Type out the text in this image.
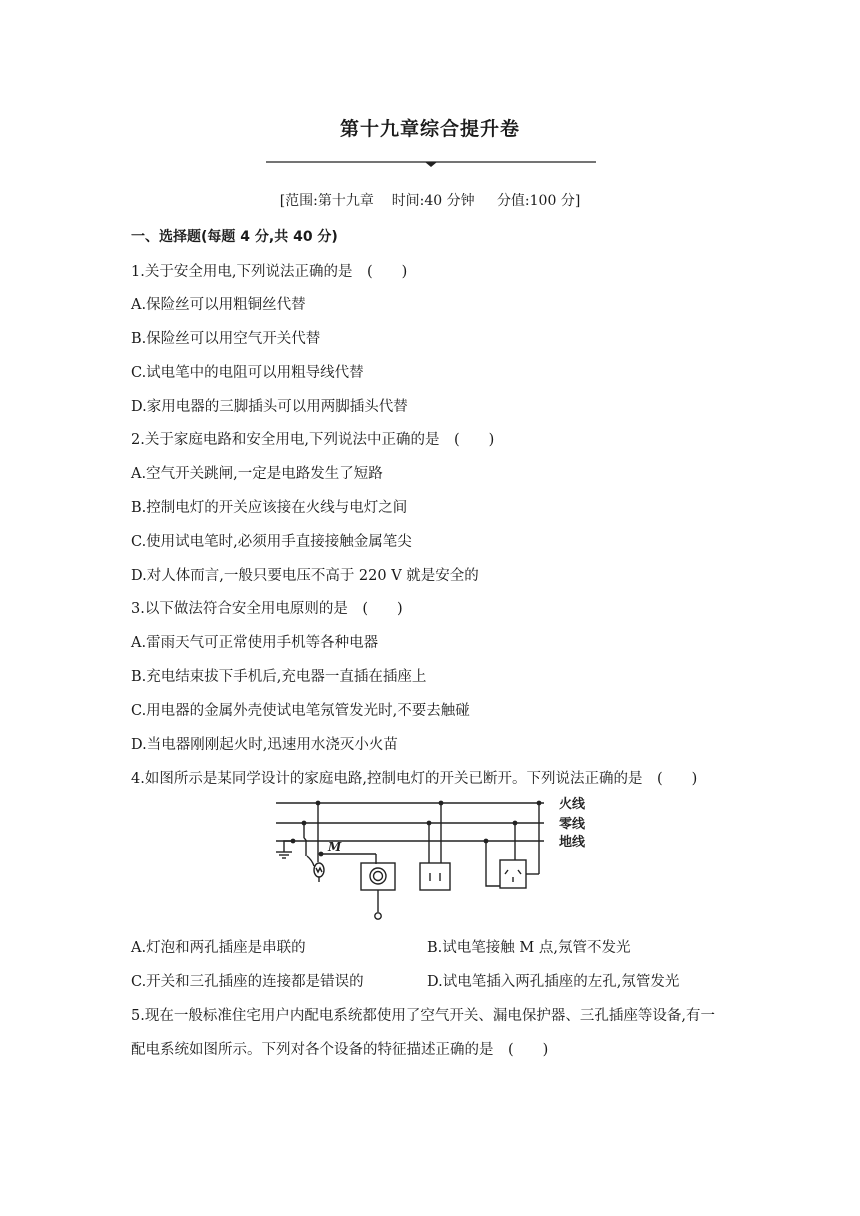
第十九章综合提升卷
[范围:第十九章 时间:40 分钟 分值:100 分]
一、选择题(每题 4 分,共 40 分)
1.关于安全用电,下列说法正确的是　(　　)
A.保险丝可以用粗铜丝代替
B.保险丝可以用空气开关代替
C.试电笔中的电阻可以用粗导线代替
D.家用电器的三脚插头可以用两脚插头代替
2.关于家庭电路和安全用电,下列说法中正确的是　(　　)
A.空气开关跳闸,一定是电路发生了短路
B.控制电灯的开关应该接在火线与电灯之间
C.使用试电笔时,必须用手直接接触金属笔尖
D.对人体而言,一般只要电压不高于 220 V 就是安全的
3.以下做法符合安全用电原则的是　(　　)
A.雷雨天气可正常使用手机等各种电器
B.充电结束拔下手机后,充电器一直插在插座上
C.用电器的金属外壳使试电笔氖管发光时,不要去触碰
D.当电器刚刚起火时,迅速用水浇灭小火苗
4.如图所示是某同学设计的家庭电路,控制电灯的开关已断开。下列说法正确的是　(　　)
M
火线
零线
地线
A.灯泡和两孔插座是串联的	B.试电笔接触 M 点,氖管不发光
C.开关和三孔插座的连接都是错误的	D.试电笔插入两孔插座的左孔,氖管发光
5.现在一般标准住宅用户内配电系统都使用了空气开关、漏电保护器、三孔插座等设备,有一
配电系统如图所示。下列对各个设备的特征描述正确的是　(　　)
